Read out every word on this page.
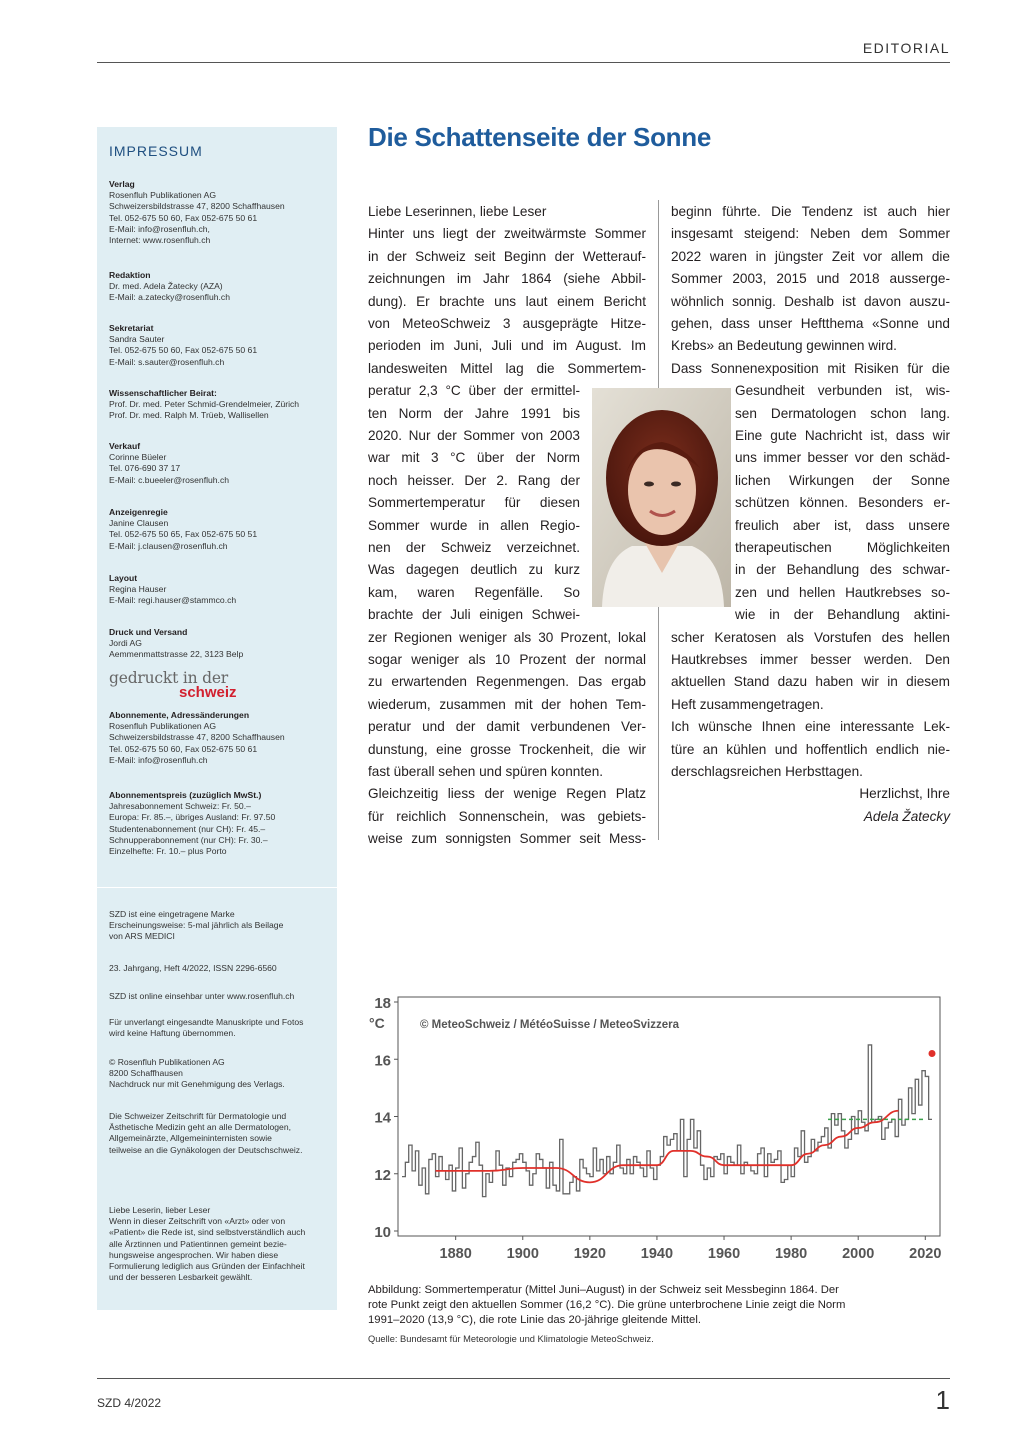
EDITORIAL
IMPRESSUM
Verlag
Rosenfluh Publikationen AG
Schweizersbildstrasse 47, 8200 Schaffhausen
Tel. 052-675 50 60, Fax 052-675 50 61
E-Mail: info@rosenfluh.ch,
Internet: www.rosenfluh.ch
Redaktion
Dr. med. Adela Žatecky (AZA)
E-Mail: a.zatecky@rosenfluh.ch
Sekretariat
Sandra Sauter
Tel. 052-675 50 60, Fax 052-675 50 61
E-Mail: s.sauter@rosenfluh.ch
Wissenschaftlicher Beirat:
Prof. Dr. med. Peter Schmid-Grendelmeier, Zürich
Prof. Dr. med. Ralph M. Trüeb, Wallisellen
Verkauf
Corinne Büeler
Tel. 076-690 37 17
E-Mail: c.bueeler@rosenfluh.ch
Anzeigenregie
Janine Clausen
Tel. 052-675 50 65, Fax 052-675 50 51
E-Mail: j.clausen@rosenfluh.ch
Layout
Regina Hauser
E-Mail: regi.hauser@stammco.ch
Druck und Versand
Jordi AG
Aemmenmattstrasse 22, 3123 Belp
Abonnemente, Adressänderungen
Rosenfluh Publikationen AG
Schweizersbildstrasse 47, 8200 Schaffhausen
Tel. 052-675 50 60, Fax 052-675 50 61
E-Mail: info@rosenfluh.ch
Abonnementspreis (zuzüglich MwSt.)
Jahresabonnement Schweiz: Fr. 50.–
Europa: Fr. 85.–, übriges Ausland: Fr. 97.50
Studentenabonnement (nur CH): Fr. 45.–
Schnupperabonnement (nur CH): Fr. 30.–
Einzelhefte: Fr. 10.– plus Porto
gedruckt in der
schweiz
SZD ist eine eingetragene Marke
Erscheinungsweise: 5-mal jährlich als Beilage
von ARS MEDICI
23. Jahrgang, Heft 4/2022, ISSN 2296-6560
SZD ist online einsehbar unter www.rosenfluh.ch
Für unverlangt eingesandte Manuskripte und Fotos
wird keine Haftung übernommen.
© Rosenfluh Publikationen AG
8200 Schaffhausen
Nachdruck nur mit Genehmigung des Verlags.
Die Schweizer Zeitschrift für Dermatologie und
Ästhetische Medizin geht an alle Dermatologen,
Allgemeinärzte, Allgemeininternisten sowie
teilweise an die Gynäkologen der Deutschschweiz.
Liebe Leserin, lieber Leser
Wenn in dieser Zeitschrift von «Arzt» oder von
«Patient» die Rede ist, sind selbstverständlich auch
alle Ärztinnen und Patientinnen gemeint bezie-
hungsweise angesprochen. Wir haben diese
Formulierung lediglich aus Gründen der Einfachheit
und der besseren Lesbarkeit gewählt.
Die Schattenseite der Sonne
Liebe Leserinnen, liebe Leser
Hinter uns liegt der zweitwärmste Sommer
in der Schweiz seit Beginn der Wetterauf-
zeichnungen im Jahr 1864 (siehe Abbil-
dung). Er brachte uns laut einem Bericht
von MeteoSchweiz 3 ausgeprägte Hitze-
perioden im Juni, Juli und im August. Im
landesweiten Mittel lag die Sommertem-
peratur 2,3 °C über der ermittel-
ten Norm der Jahre 1991 bis
2020. Nur der Sommer von 2003
war mit 3 °C über der Norm
noch heisser. Der 2. Rang der
Sommertemperatur für diesen
Sommer wurde in allen Regio-
nen der Schweiz verzeichnet.
Was dagegen deutlich zu kurz
kam, waren Regenfälle. So
brachte der Juli einigen Schwei-
zer Regionen weniger als 30 Prozent, lokal
sogar weniger als 10 Prozent der normal
zu erwartenden Regenmengen. Das ergab
wiederum, zusammen mit der hohen Tem-
peratur und der damit verbundenen Ver-
dunstung, eine grosse Trockenheit, die wir
fast überall sehen und spüren konnten.
Gleichzeitig liess der wenige Regen Platz
für reichlich Sonnenschein, was gebiets-
weise zum sonnigsten Sommer seit Mess-
beginn führte. Die Tendenz ist auch hier
insgesamt steigend: Neben dem Sommer
2022 waren in jüngster Zeit vor allem die
Sommer 2003, 2015 und 2018 ausserge-
wöhnlich sonnig. Deshalb ist davon auszu-
gehen, dass unser Heftthema «Sonne und
Krebs» an Bedeutung gewinnen wird.
Dass Sonnenexposition mit Risiken für die
Gesundheit verbunden ist, wis-
sen Dermatologen schon lang.
Eine gute Nachricht ist, dass wir
uns immer besser vor den schäd-
lichen Wirkungen der Sonne
schützen können. Besonders er-
freulich aber ist, dass unsere
therapeutischen Möglichkeiten
in der Behandlung des schwar-
zen und hellen Hautkrebses so-
wie in der Behandlung aktini-
scher Keratosen als Vorstufen des hellen
Hautkrebses immer besser werden. Den
aktuellen Stand dazu haben wir in diesem
Heft zusammengetragen.
Ich wünsche Ihnen eine interessante Lek-
türe an kühlen und hoffentlich endlich nie-
derschlagsreichen Herbsttagen.
Herzlichst, Ihre
Adela Žatecky
© MeteoSchweiz / MétéoSuisse / MeteoSvizzera
°C
10
12
14
16
18
1880 1900 1920 1940 1960 1980 2000 2020
Abbildung: Sommertemperatur (Mittel Juni–August) in der Schweiz seit Messbeginn 1864. Der
rote Punkt zeigt den aktuellen Sommer (16,2 °C). Die grüne unterbrochene Linie zeigt die Norm
1991–2020 (13,9 °C), die rote Linie das 20-jährige gleitende Mittel.
Quelle: Bundesamt für Meteorologie und Klimatologie MeteoSchweiz.
SZD 4/2022	1
